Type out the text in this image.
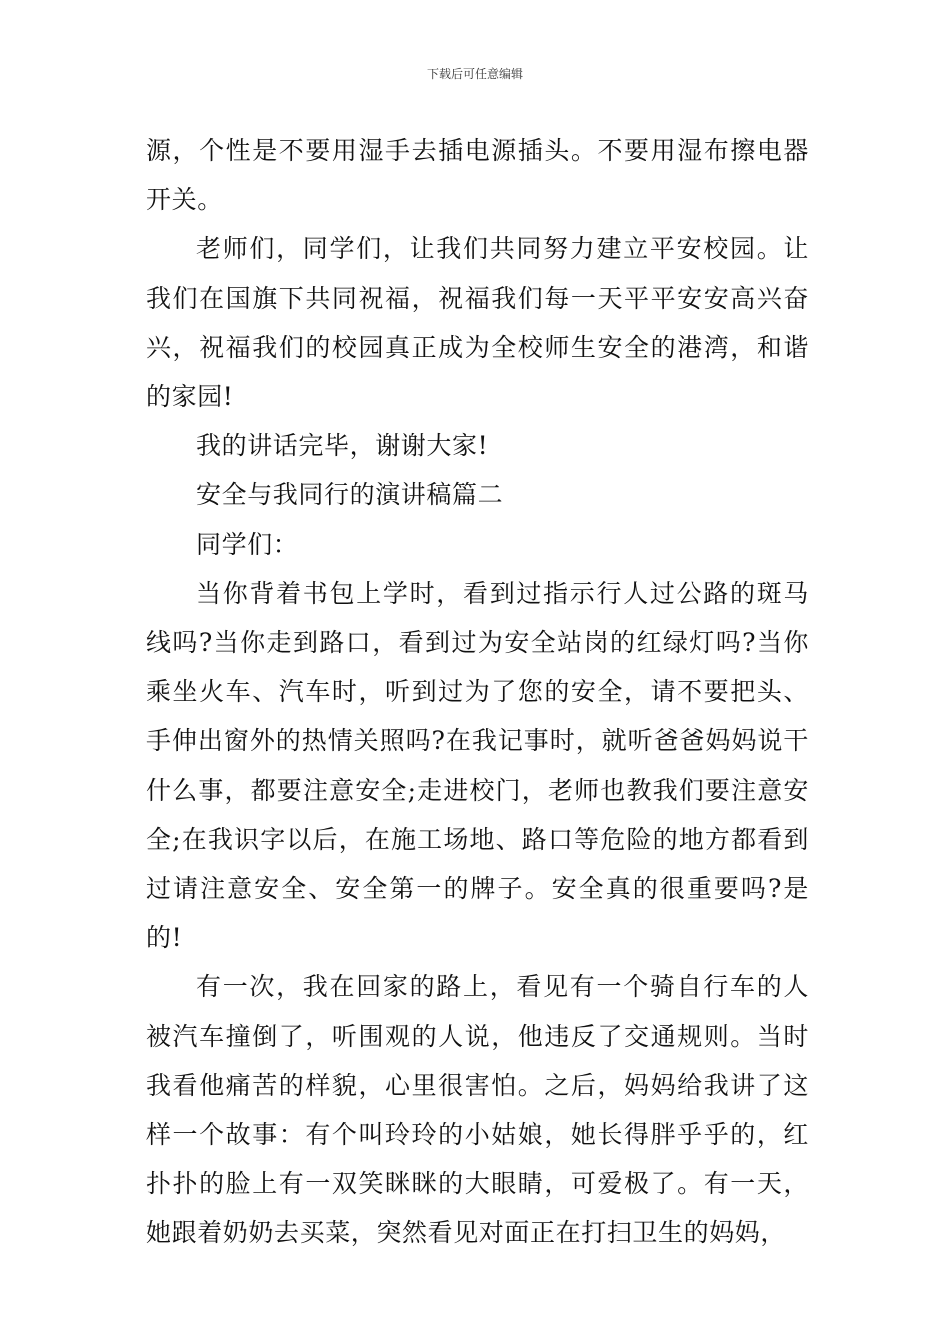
下载后可任意编辑

源，个性是不要用湿手去插电源插头。不要用湿布擦电器开关。

老师们，同学们，让我们共同努力建立平安校园。让我们在国旗下共同祝福，祝福我们每一天平平安安高兴奋兴，祝福我们的校园真正成为全校师生安全的港湾，和谐的家园!

我的讲话完毕，谢谢大家!

安全与我同行的演讲稿篇二

同学们：

当你背着书包上学时，看到过指示行人过公路的斑马线吗?当你走到路口，看到过为安全站岗的红绿灯吗?当你乘坐火车、汽车时，听到过为了您的安全，请不要把头、手伸出窗外的热情关照吗?在我记事时，就听爸爸妈妈说干什么事，都要注意安全;走进校门，老师也教我们要注意安全;在我识字以后，在施工场地、路口等危险的地方都看到过请注意安全、安全第一的牌子。安全真的很重要吗?是的!

有一次，我在回家的路上，看见有一个骑自行车的人被汽车撞倒了，听围观的人说，他违反了交通规则。当时我看他痛苦的样貌，心里很害怕。之后，妈妈给我讲了这样一个故事：有个叫玲玲的小姑娘，她长得胖乎乎的，红扑扑的脸上有一双笑眯眯的大眼睛，可爱极了。有一天，她跟着奶奶去买菜，突然看见对面正在打扫卫生的妈妈，
